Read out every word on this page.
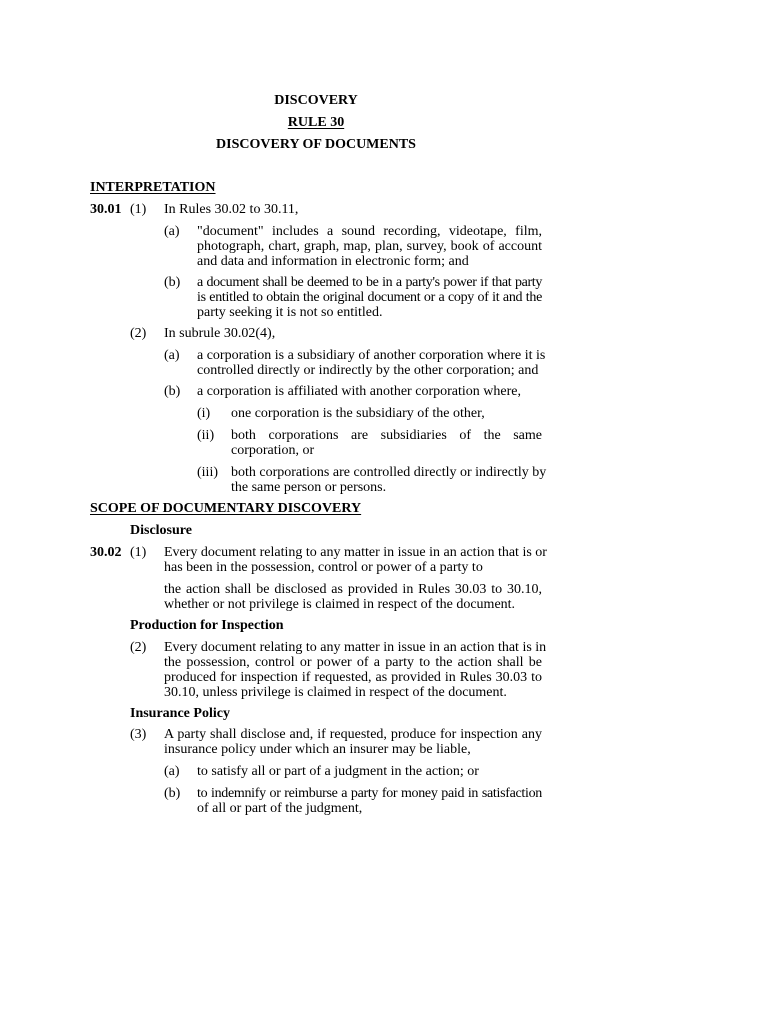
DISCOVERY
RULE 30
DISCOVERY OF DOCUMENTS
INTERPRETATION
30.01 (1) In Rules 30.02 to 30.11,
(a) "document" includes a sound recording, videotape, film,
photograph, chart, graph, map, plan, survey, book of account
and data and information in electronic form; and
(b) a document shall be deemed to be in a party's power if that party
is entitled to obtain the original document or a copy of it and the
party seeking it is not so entitled.
(2) In subrule 30.02(4),
(a) a corporation is a subsidiary of another corporation where it is
controlled directly or indirectly by the other corporation; and
(b) a corporation is affiliated with another corporation where,
(i) one corporation is the subsidiary of the other,
(ii) both corporations are subsidiaries of the same
corporation, or
(iii) both corporations are controlled directly or indirectly by
the same person or persons.
SCOPE OF DOCUMENTARY DISCOVERY
Disclosure
30.02 (1) Every document relating to any matter in issue in an action that is or
has been in the possession, control or power of a party to
the action shall be disclosed as provided in Rules 30.03 to 30.10,
whether or not privilege is claimed in respect of the document.
Production for Inspection
(2) Every document relating to any matter in issue in an action that is in
the possession, control or power of a party to the action shall be
produced for inspection if requested, as provided in Rules 30.03 to
30.10, unless privilege is claimed in respect of the document.
Insurance Policy
(3) A party shall disclose and, if requested, produce for inspection any
insurance policy under which an insurer may be liable,
(a) to satisfy all or part of a judgment in the action; or
(b) to indemnify or reimburse a party for money paid in satisfaction
of all or part of the judgment,
